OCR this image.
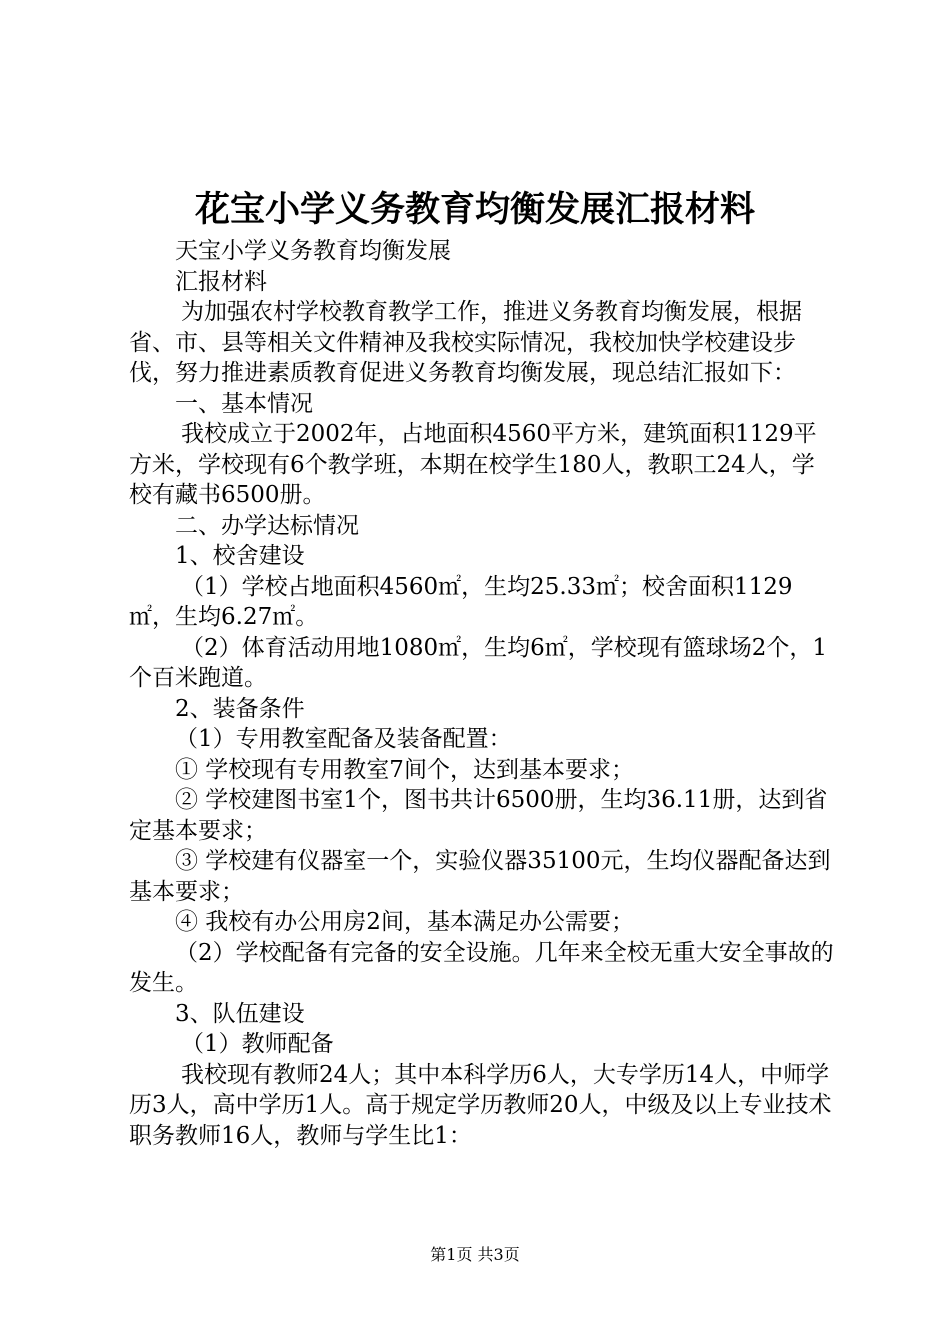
花宝小学义务教育均衡发展汇报材料

天宝小学义务教育均衡发展

汇报材料

为加强农村学校教育教学工作，推进义务教育均衡发展，根据省、市、县等相关文件精神及我校实际情况，我校加快学校建设步伐，努力推进素质教育促进义务教育均衡发展，现总结汇报如下：

一、基本情况

我校成立于2002年，占地面积4560平方米，建筑面积1129平方米，学校现有6个教学班，本期在校学生180人，教职工24人，学校有藏书6500册。

二、办学达标情况

1、校舍建设

（1）学校占地面积4560㎡，生均25.33㎡；校舍面积1129㎡，生均6.27㎡。

（2）体育活动用地1080㎡，生均6㎡，学校现有篮球场2个，1个百米跑道。

2、装备条件

（1）专用教室配备及装备配置：

① 学校现有专用教室7间个，达到基本要求；

② 学校建图书室1个，图书共计6500册，生均36.11册，达到省定基本要求；

③ 学校建有仪器室一个，实验仪器35100元，生均仪器配备达到基本要求；

④ 我校有办公用房2间，基本满足办公需要；

（2）学校配备有完备的安全设施。几年来全校无重大安全事故的发生。

3、队伍建设

（1）教师配备

我校现有教师24人；其中本科学历6人，大专学历14人，中师学历3人，高中学历1人。高于规定学历教师20人，中级及以上专业技术职务教师16人，教师与学生比1：

第1页 共3页
